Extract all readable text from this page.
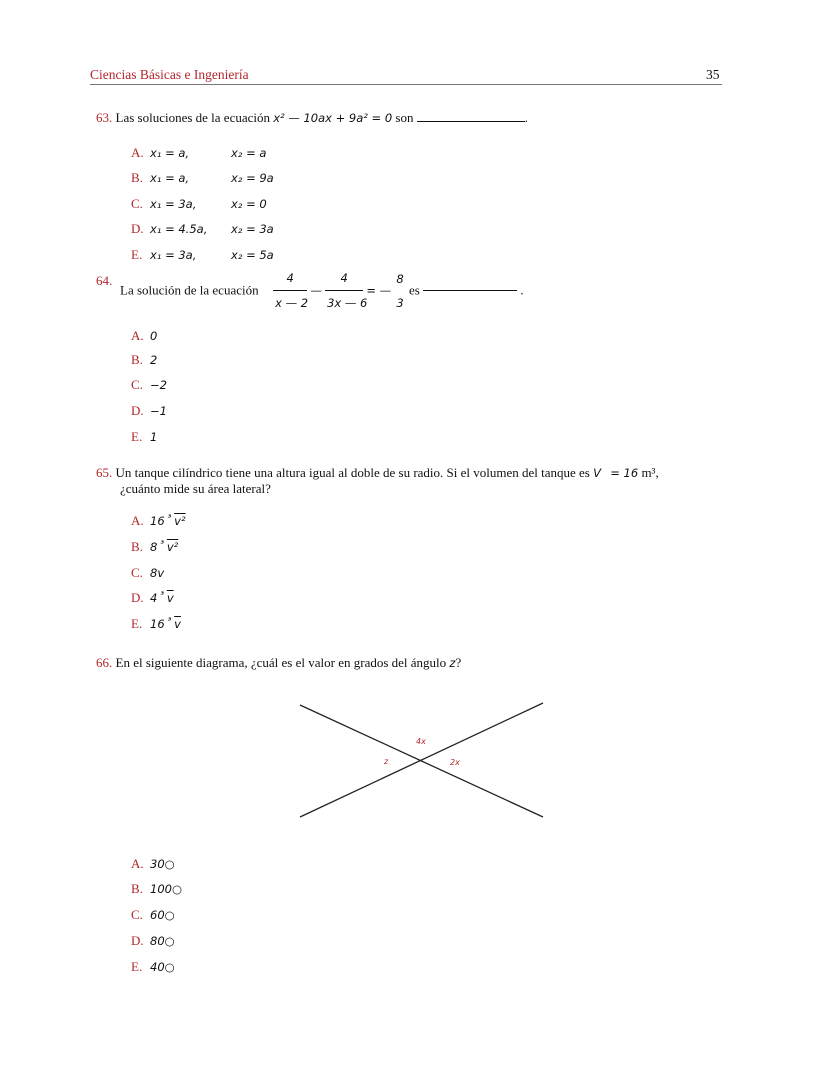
Ciencias Básicas e Ingeniería	35
63. Las soluciones de la ecuación x² — 10ax + 9a² = 0 son	.
A. x₁ = a,	x₂ = a
B. x₁ = a,	x₂ = 9a
C. x₁ = 3a,	x₂ = 0
D. x₁ = 4.5a, x₂ = 3a
E. x₁ = 3a,	x₂ = 5a
64.
La solución de la ecuación $\frac{4}{x — 2}$ — $\frac{4}{3x — 6}$ = —
8
3
es	.
A. 0
B. 2
C. −2
D. −1
E. 1
65. Un tanque cilíndrico tiene una altura igual al doble de su radio. Si el volumen del tanque es V = 16 m³,
¿cuánto mide su área lateral?
A. 16 $^{^3}$ v²
B. 8 $^{^3}$ v²
C. 8v
D. 4 $^{^3}$ $\overline{v}$
E. 16 $^{^3}$ $\overline{v}$
66. En el siguiente diagrama, ¿cuál es el valor en grados del ángulo z?
4x
z	2x
A. 30○
B. 100○
C. 60○
D. 80○
E. 40○
